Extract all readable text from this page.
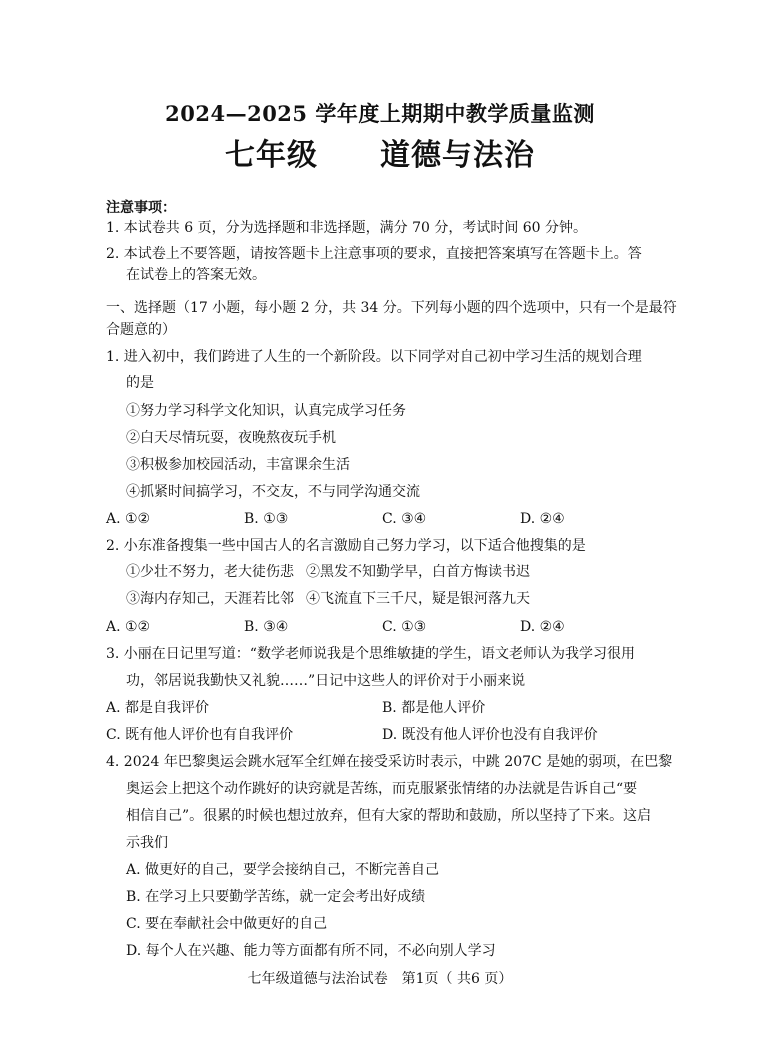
2024—2025 学年度上期期中教学质量监测
七年级 道德与法治
注意事项：
1. 本试卷共 6 页，分为选择题和非选择题，满分 70 分，考试时间 60 分钟。
2. 本试卷上不要答题，请按答题卡上注意事项的要求，直接把答案填写在答题卡上。答
在试卷上的答案无效。
一、选择题（17 小题，每小题 2 分，共 34 分。下列每小题的四个选项中，只有一个是最符
合题意的）
1. 进入初中，我们跨进了人生的一个新阶段。以下同学对自己初中学习生活的规划合理
的是
①努力学习科学文化知识，认真完成学习任务
②白天尽情玩耍，夜晚熬夜玩手机
③积极参加校园活动，丰富课余生活
④抓紧时间搞学习，不交友，不与同学沟通交流
A. ①②	B. ①③	C. ③④	D. ②④
2. 小东准备搜集一些中国古人的名言激励自己努力学习，以下适合他搜集的是
①少壮不努力，老大徒伤悲 ②黑发不知勤学早，白首方悔读书迟
③海内存知己，天涯若比邻 ④飞流直下三千尺，疑是银河落九天
A. ①②	B. ③④	C. ①③	D. ②④
3. 小丽在日记里写道：“数学老师说我是个思维敏捷的学生，语文老师认为我学习很用
功，邻居说我勤快又礼貌……”日记中这些人的评价对于小丽来说
A. 都是自我评价	B. 都是他人评价
C. 既有他人评价也有自我评价	D. 既没有他人评价也没有自我评价
4. 2024 年巴黎奥运会跳水冠军全红婵在接受采访时表示，中跳 207C 是她的弱项，在巴黎
奥运会上把这个动作跳好的诀窍就是苦练，而克服紧张情绪的办法就是告诉自己“要
相信自己”。很累的时候也想过放弃，但有大家的帮助和鼓励，所以坚持了下来。这启
示我们
A. 做更好的自己，要学会接纳自己，不断完善自己
B. 在学习上只要勤学苦练，就一定会考出好成绩
C. 要在奉献社会中做更好的自己
D. 每个人在兴趣、能力等方面都有所不同，不必向别人学习
七年级道德与法治试卷　第1页（ 共6 页）
